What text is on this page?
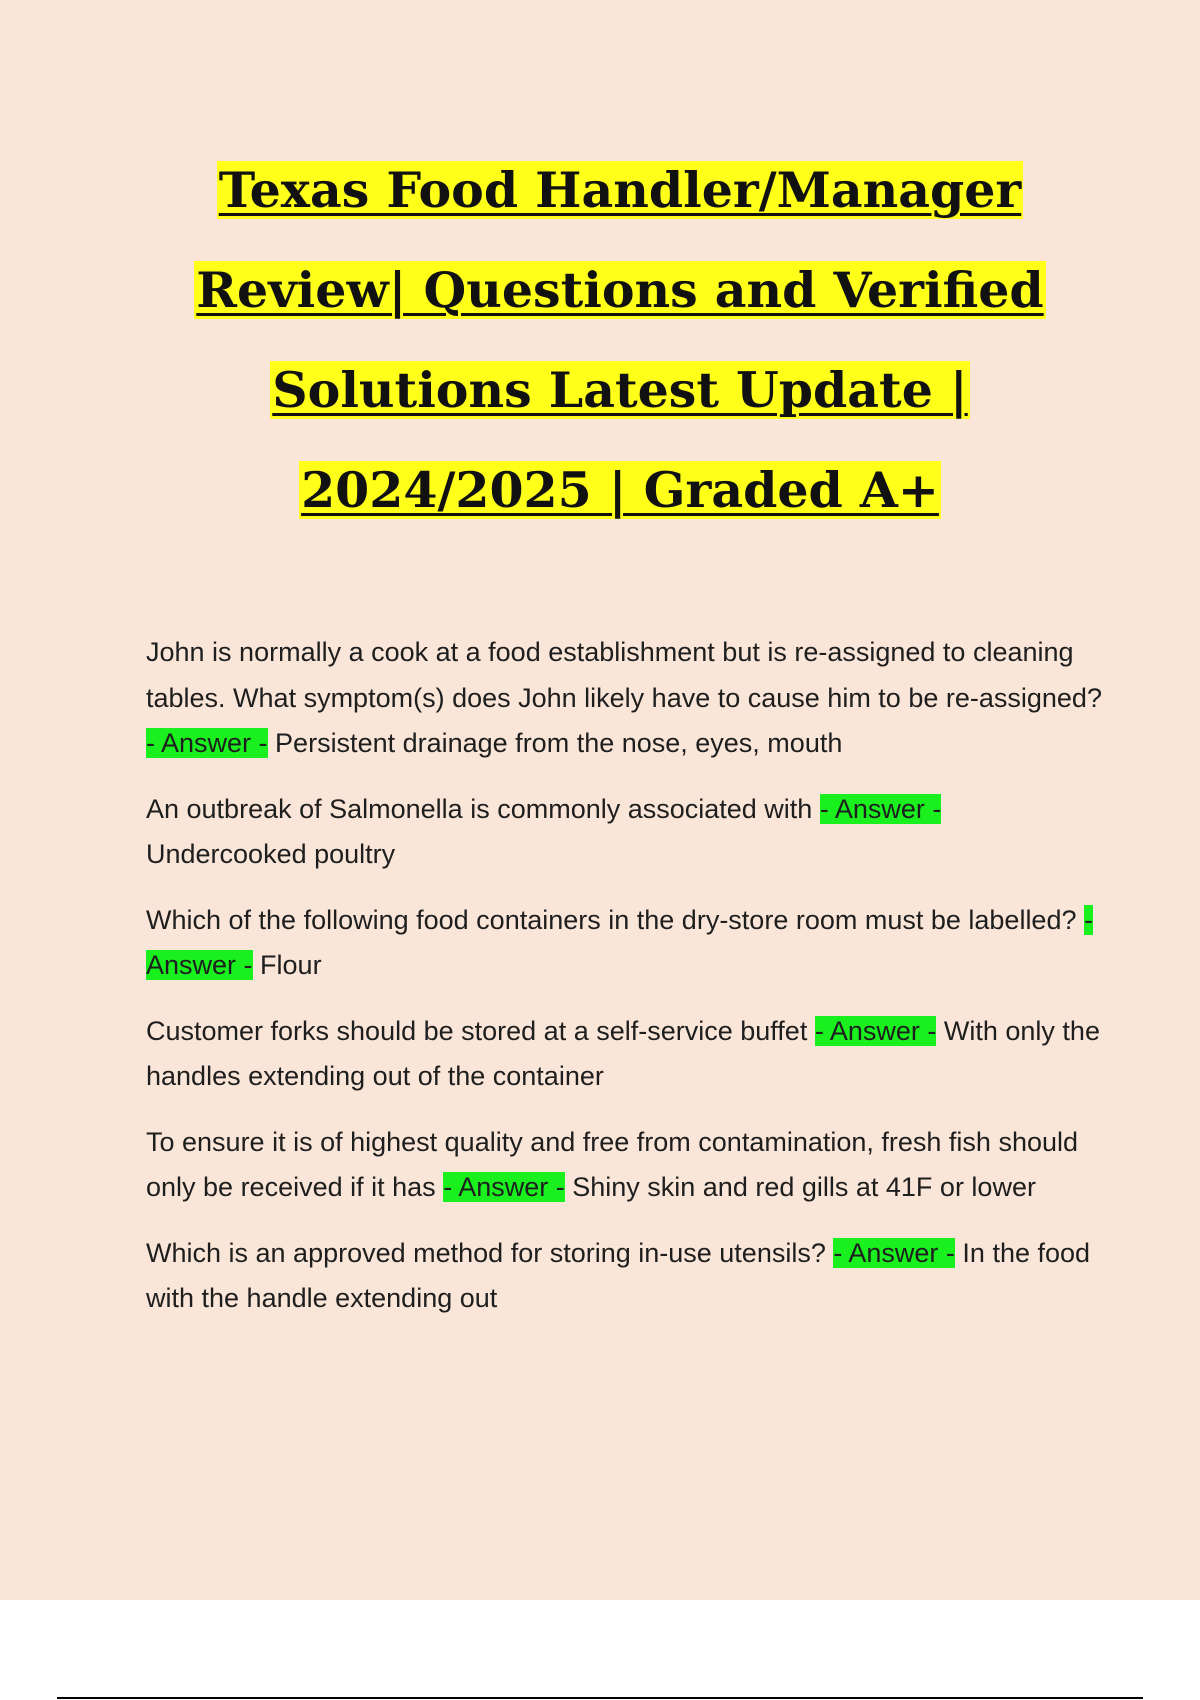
Texas Food Handler/Manager

Review| Questions and Verified

Solutions Latest Update |

2024/2025 | Graded A+

John is normally a cook at a food establishment but is re-assigned to cleaning tables. What symptom(s) does John likely have to cause him to be re-assigned? - Answer - Persistent drainage from the nose, eyes, mouth

An outbreak of Salmonella is commonly associated with - Answer - Undercooked poultry

Which of the following food containers in the dry-store room must be labelled? - Answer - Flour

Customer forks should be stored at a self-service buffet - Answer - With only the handles extending out of the container

To ensure it is of highest quality and free from contamination, fresh fish should only be received if it has - Answer - Shiny skin and red gills at 41F or lower

Which is an approved method for storing in-use utensils? - Answer - In the food with the handle extending out
